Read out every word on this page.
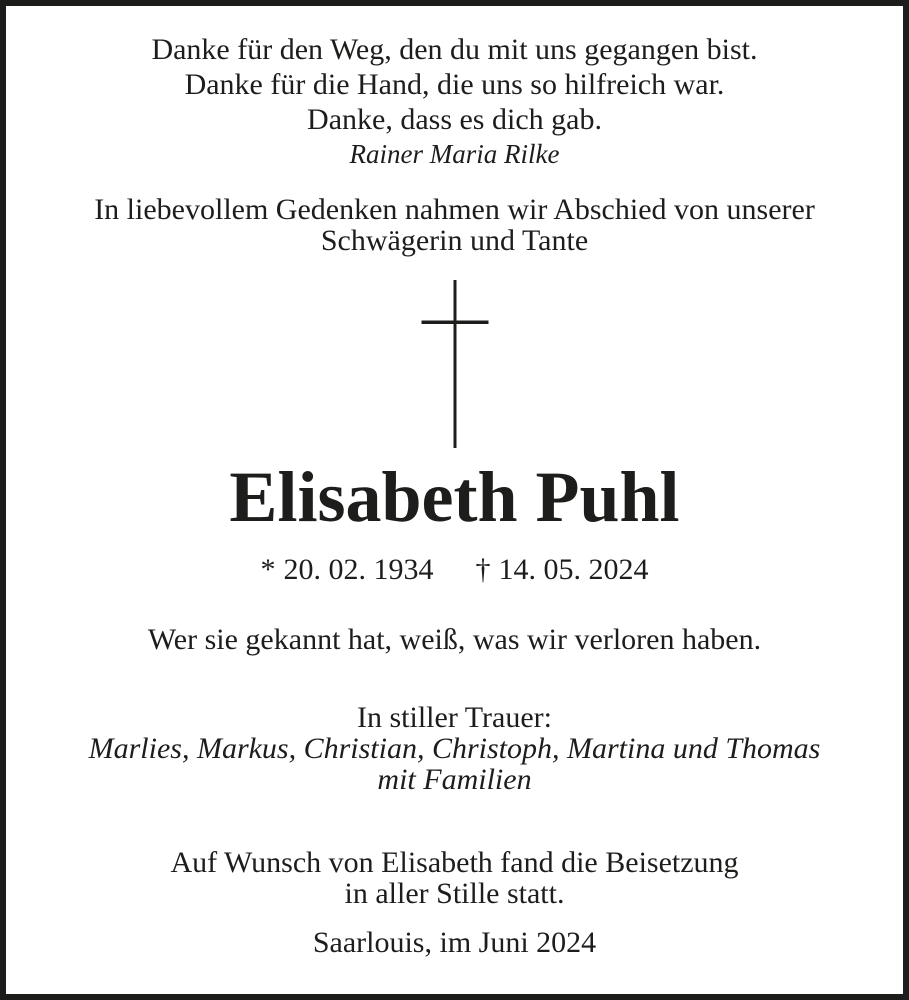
Danke für den Weg, den du mit uns gegangen bist.
Danke für die Hand, die uns so hilfreich war.
Danke, dass es dich gab.
Rainer Maria Rilke
In liebevollem Gedenken nahmen wir Abschied von unserer
Schwägerin und Tante
Elisabeth Puhl
* 20. 02. 1934 † 14. 05. 2024
Wer sie gekannt hat, weiß, was wir verloren haben.
In stiller Trauer:
Marlies, Markus, Christian, Christoph, Martina und Thomas
mit Familien
Auf Wunsch von Elisabeth fand die Beisetzung
in aller Stille statt.
Saarlouis, im Juni 2024
